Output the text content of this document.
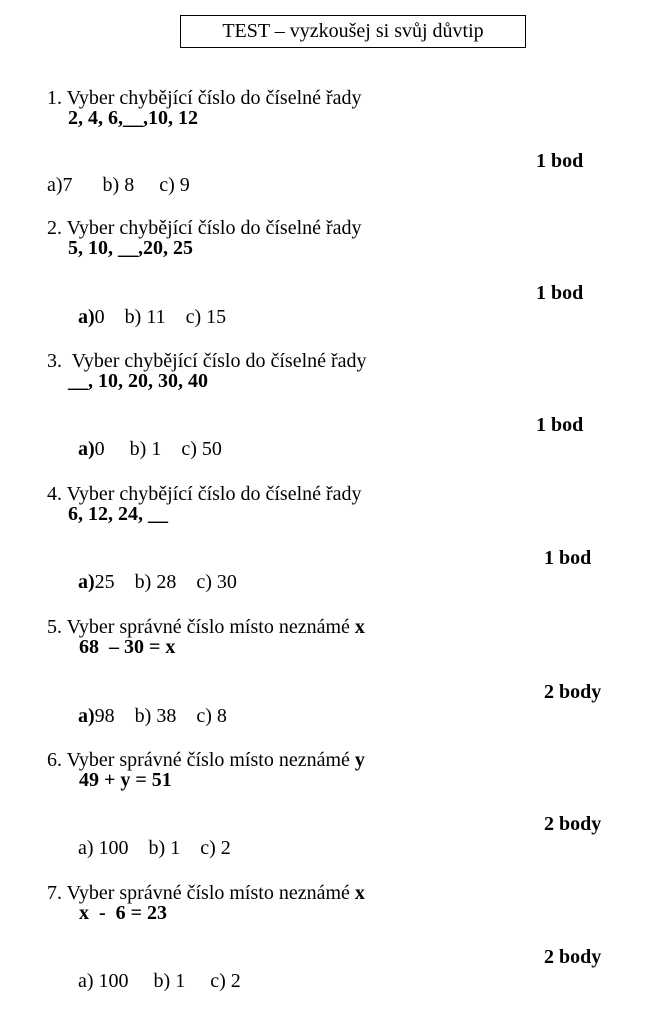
TEST – vyzkoušej si svůj důvtip

1. Vyber chybějící číslo do číselné řady

2, 4, 6,__,10, 12

a)7 b) 8 c) 9

1 bod

2. Vyber chybějící číslo do číselné řady

5, 10, __,20, 25

a)0 b) 11 c) 15

1 bod

3.  Vyber chybějící číslo do číselné řady

__, 10, 20, 30, 40

a)0 b) 1 c) 50

1 bod

4. Vyber chybějící číslo do číselné řady

6, 12, 24, __

a)25 b) 28 c) 30

1 bod

5. Vyber správné číslo místo neznámé x

68  – 30 = x

a)98 b) 38 c) 8

2 body

6. Vyber správné číslo místo neznámé y

49 + y = 51

a) 100 b) 1 c) 2

2 body

7. Vyber správné číslo místo neznámé x

x  -  6 = 23

a) 100 b) 1 c) 2

2 body
